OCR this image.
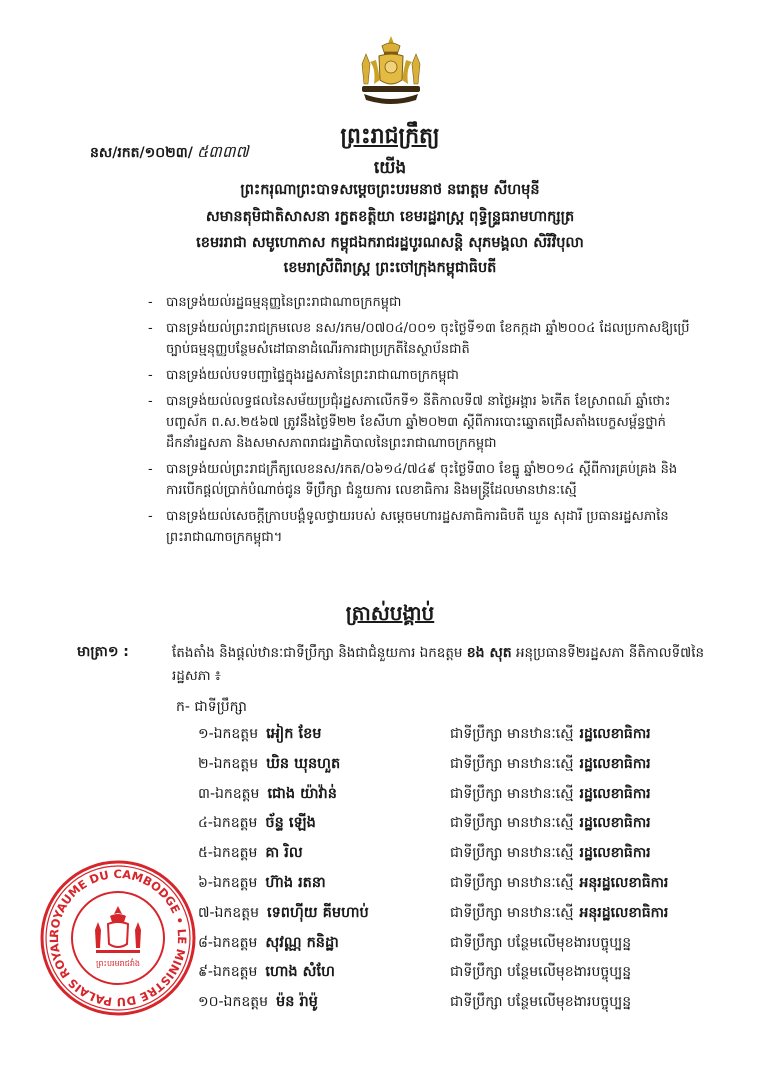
នស/រកត/១០២៣/ ៥៣៣៧
ព្រះរាជក្រឹត្យ
យើង
ព្រះករុណាព្រះបាទសម្តេចព្រះបរមនាថ នរោត្តម សីហមុនី
សមានតុមិជាតិសាសនា រក្ខតខត្តិយា ខេមរដ្ឋរាស្ត្រ ពុទ្ធិន្ទ្រធរាមហាក្សត្រ
ខេមររាជា សមូហោភាស កម្ពុជឯករាជរដ្ឋបូរណសន្តិ សុភមង្គលា សិរីវិបុលា
ខេមរាស្រីពិរាស្ត្រ ព្រះចៅក្រុងកម្ពុជាធិបតី
- បានទ្រង់យល់រដ្ឋធម្មនុញ្ញនៃព្រះរាជាណាចក្រកម្ពុជា
- បានទ្រង់យល់ព្រះរាជក្រមលេខ នស/រកម/០៧០៤/០០១ ចុះថ្ងៃទី១៣ ខែកក្កដា ឆ្នាំ២០០៤ ដែលប្រកាសឱ្យប្រើច្បាប់ធម្មនុញ្ញបន្ថែមសំដៅធានាដំណើរការជាប្រក្រតីនៃស្ថាប័នជាតិ
- បានទ្រង់យល់បទបញ្ជាផ្ទៃក្នុងរដ្ឋសភានៃព្រះរាជាណាចក្រកម្ពុជា
- បានទ្រង់យល់លទ្ធផលនៃសម័យប្រជុំរដ្ឋសភាលើកទី១ នីតិកាលទី៧ នាថ្ងៃអង្គារ ៦កើត ខែស្រាពណ៍ ឆ្នាំថោះ បញ្ចស័ក ព.ស.២៥៦៧ ត្រូវនឹងថ្ងៃទី២២ ខែសីហា ឆ្នាំ២០២៣ ស្តីពីការបោះឆ្នោតជ្រើសតាំងបេក្ខសម្ព័ន្ធថ្នាក់ដឹកនាំរដ្ឋសភា និងសមាសភាពរាជរដ្ឋាភិបាលនៃព្រះរាជាណាចក្រកម្ពុជា
- បានទ្រង់យល់ព្រះរាជក្រឹត្យលេខនស/រកត/០៦១៤/៧៤៩ ចុះថ្ងៃទី៣០ ខែធ្នូ ឆ្នាំ២០១៤ ស្តីពីការគ្រប់គ្រង និងការបើកផ្តល់ប្រាក់បំណាច់ជូន ទីប្រឹក្សា ជំនួយការ លេខាធិការ និងមន្ត្រីដែលមានឋានៈស្មើ
- បានទ្រង់យល់សេចក្តីក្រាបបង្គំទូលថ្វាយរបស់ សម្តេចមហារដ្ឋសភាធិការធិបតី ឃួន សុដារី ប្រធានរដ្ឋសភានៃព្រះរាជាណាចក្រកម្ពុជា។
ត្រាស់បង្គាប់
មាត្រា១ :	តែងតាំង និងផ្តល់ឋានៈជាទីប្រឹក្សា និងជាជំនួយការ ឯកឧត្តម ខង សុត អនុប្រធានទី២រដ្ឋសភា នីតិកាលទី៧នៃរដ្ឋសភា ៖
ក- ជាទីប្រឹក្សា
១-ឯកឧត្តម អៀក ខែម	ជាទីប្រឹក្សា មានឋានៈស្មើ រដ្ឋលេខាធិការ
២-ឯកឧត្តម ឃិន ឃុនហួត	ជាទីប្រឹក្សា មានឋានៈស្មើ រដ្ឋលេខាធិការ
៣-ឯកឧត្តម ជោង យ៉ាវ៉ាន់	ជាទីប្រឹក្សា មានឋានៈស្មើ រដ្ឋលេខាធិការ
៤-ឯកឧត្តម ច័ន្ទ ឡើង	ជាទីប្រឹក្សា មានឋានៈស្មើ រដ្ឋលេខាធិការ
៥-ឯកឧត្តម គា រិល	ជាទីប្រឹក្សា មានឋានៈស្មើ រដ្ឋលេខាធិការ
៦-ឯកឧត្តម ហ៊ាង រតនា	ជាទីប្រឹក្សា មានឋានៈស្មើ អនុរដ្ឋលេខាធិការ
៧-ឯកឧត្តម ទេពហ៊ីយ គីមហាប់	ជាទីប្រឹក្សា មានឋានៈស្មើ អនុរដ្ឋលេខាធិការ
៨-ឯកឧត្តម សុវណ្ណ កនិដ្ឋា	ជាទីប្រឹក្សា បន្ថែមលើមុខងារបច្ចុប្បន្ន
៩-ឯកឧត្តម ហោង សំហែ	ជាទីប្រឹក្សា បន្ថែមលើមុខងារបច្ចុប្បន្ន
១០-ឯកឧត្តម ម៉ន រ៉ាម៉ូ	ជាទីប្រឹក្សា បន្ថែមលើមុខងារបច្ចុប្បន្ន
ROYAUME DU CAMBODGE • LE MINISTRE DU PALAIS ROYAL
ព្រះបរមរាជវាំង
